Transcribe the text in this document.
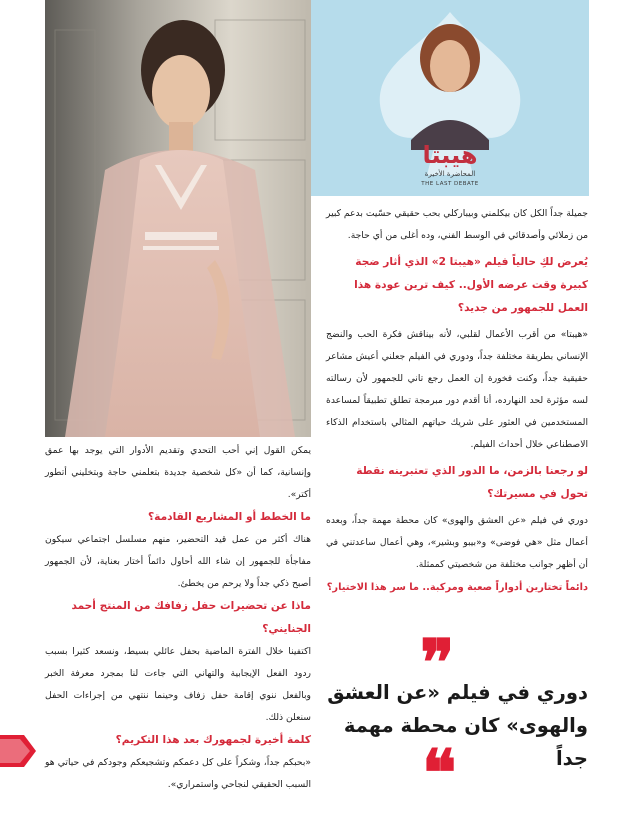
هيبتا
المحاضرة الأخيرة
THE LAST DEBATE

جميلة جداً الكل كان بيكلمني وبيباركلي بحب حقيقي حسّيت بدعم كبير من زملائي وأصدقائي في الوسط الفني، وده أغلى من أي حاجة.

يُعرض لكِ حالياً فيلم «هيبتا 2» الذي أثار ضجة كبيرة وقت عرضه الأول.. كيف ترين عودة هذا العمل للجمهور من جديد؟

«هيبتا» من أقرب الأعمال لقلبي، لأنه بيناقش فكرة الحب والنضج الإنساني بطريقة مختلفة جداً، ودوري في الفيلم جعلني أعيش مشاعر حقيقية جداً، وكنت فخورة إن العمل رجع تاني للجمهور لأن رسالته لسه مؤثرة لحد النهارده، أنا أقدم دور مبرمجة تطلق تطبيقاً لمساعدة المستخدمين في العثور على شريك حياتهم المثالي باستخدام الذكاء الاصطناعي خلال أحداث الفيلم.

لو رجعنا بالزمن، ما الدور الذي تعتبرينه نقطة تحول في مسيرتك؟

دوري في فيلم «عن العشق والهوى» كان محطة مهمة جداً، وبعده أعمال مثل «هي فوضى» و«بيبو وبشير»، وهي أعمال ساعدتني في أن أظهر جوانب مختلفة من شخصيتي كممثلة.

دائماً تختارين أدواراً صعبة ومركبة.. ما سر هذا الاختيار؟

❞
دوري في فيلم «عن العشق والهوى» كان محطة مهمة جداً
❝

يمكن القول إني أحب التحدي وتقديم الأدوار التي يوجد بها عمق وإنسانية، كما أن «كل شخصية جديدة بتعلمني حاجة وبتخليني أتطور أكتر».

ما الخطط أو المشاريع القادمة؟

هناك أكثر من عمل قيد التحضير، منهم مسلسل اجتماعي سيكون مفاجأة للجمهور إن شاء الله أحاول دائماً أختار بعناية، لأن الجمهور أصبح ذكي جداً ولا يرحم من يخطئ.

ماذا عن تحضيرات حفل زفافك من المنتج أحمد الجنايني؟

اكتفينا خلال الفترة الماضية بحفل عائلي بسيط، ونسعد كثيرا بسبب ردود الفعل الإيجابية والتهاني التي جاءت لنا بمجرد معرفة الخبر وبالفعل ننوي إقامة حفل زفاف وحينما ننتهي من إجراءات الحفل سنعلن ذلك.

كلمة أخيرة لجمهورك بعد هذا التكريم؟

«بحبكم جداً، وشكراً على كل دعمكم وتشجيعكم وجودكم في حياتي هو السبب الحقيقي لنجاحي واستمراري».
